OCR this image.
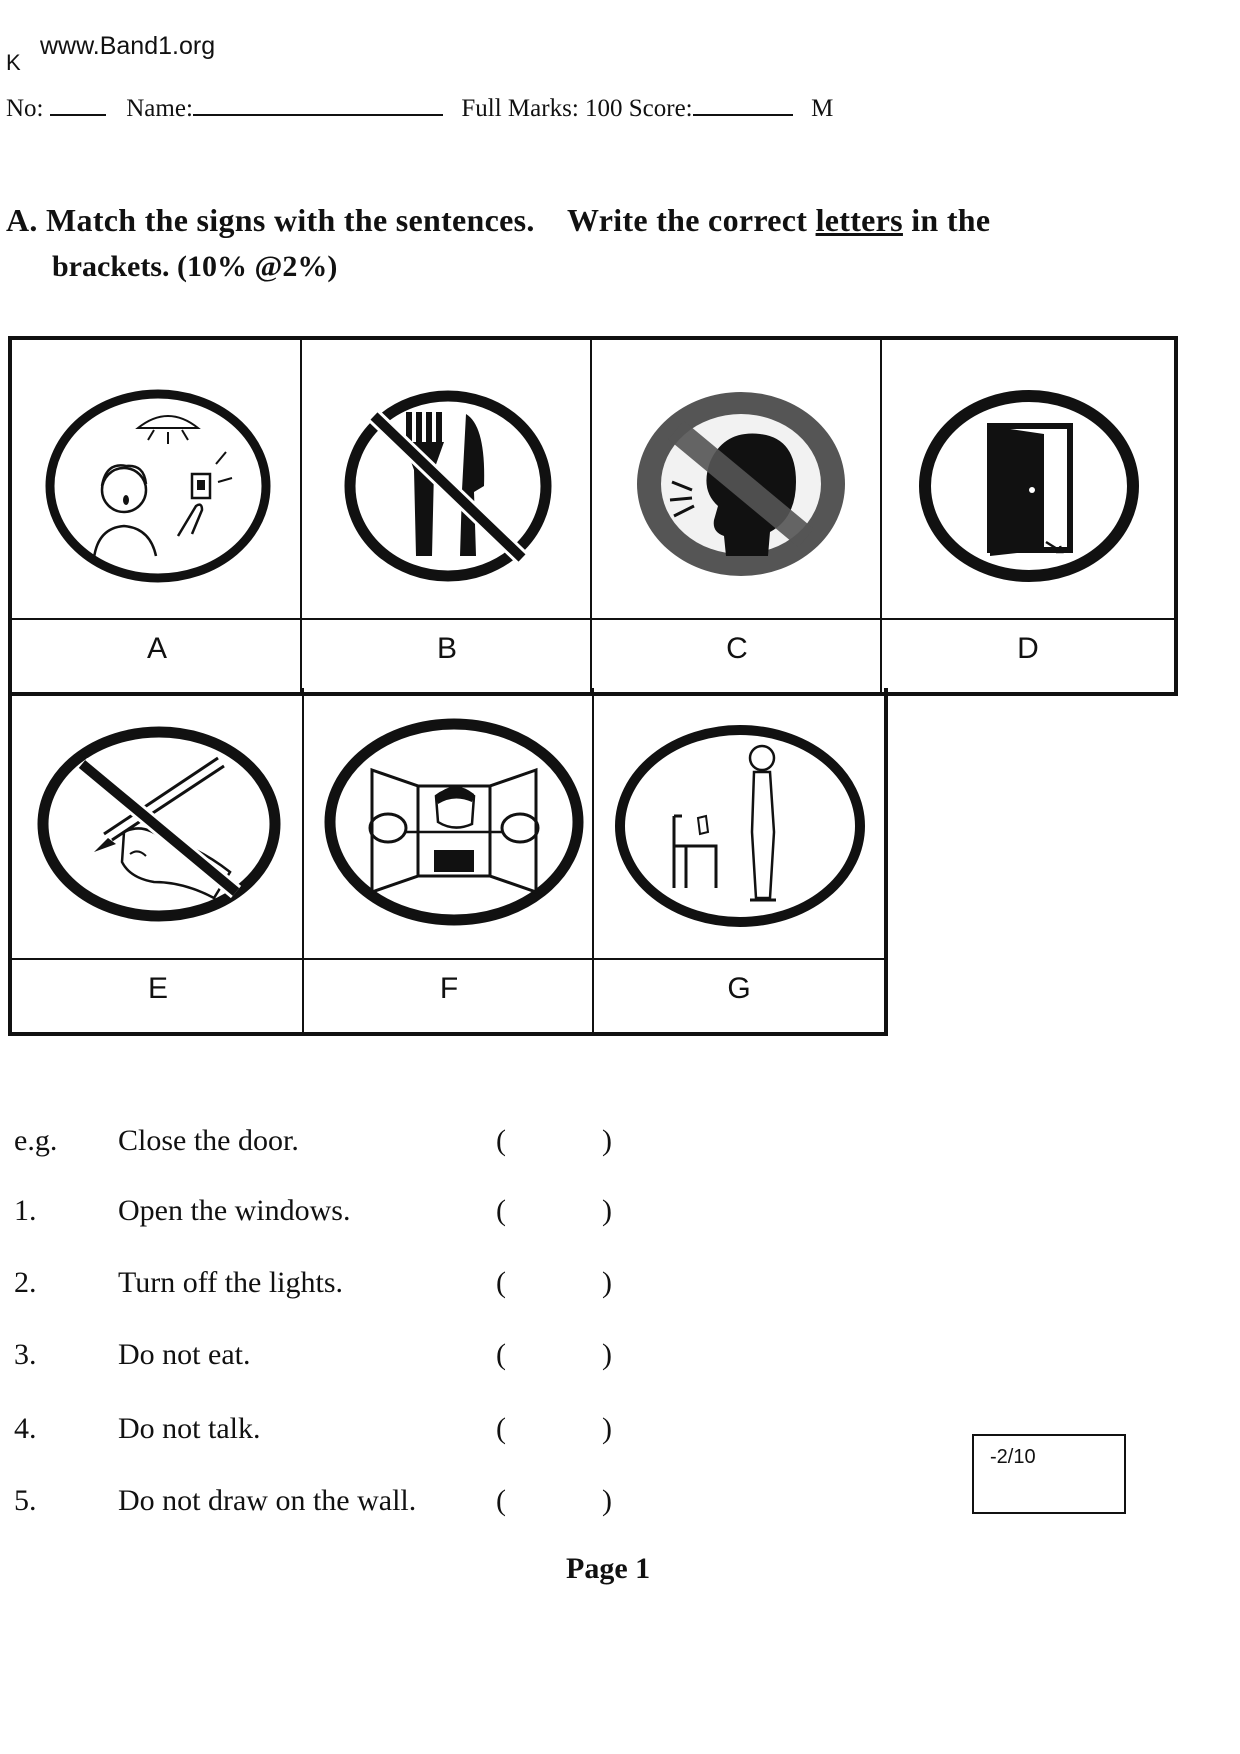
www.Band1.org
K
No:	Name:	Full Marks: 100 Score:	M
A. Match the signs with the sentences. Write the correct letters in the
brackets. (10% @2%)
A	B	C	D
E	F	G
e.g. Close the door.	(	)
1.	Open the windows.	(	)
2.	Turn off the lights.	(	)
3.	Do not eat.	(	)
4.	Do not talk.	(	)
5.	Do not draw on the wall.	(	)
-2/10
Page 1
